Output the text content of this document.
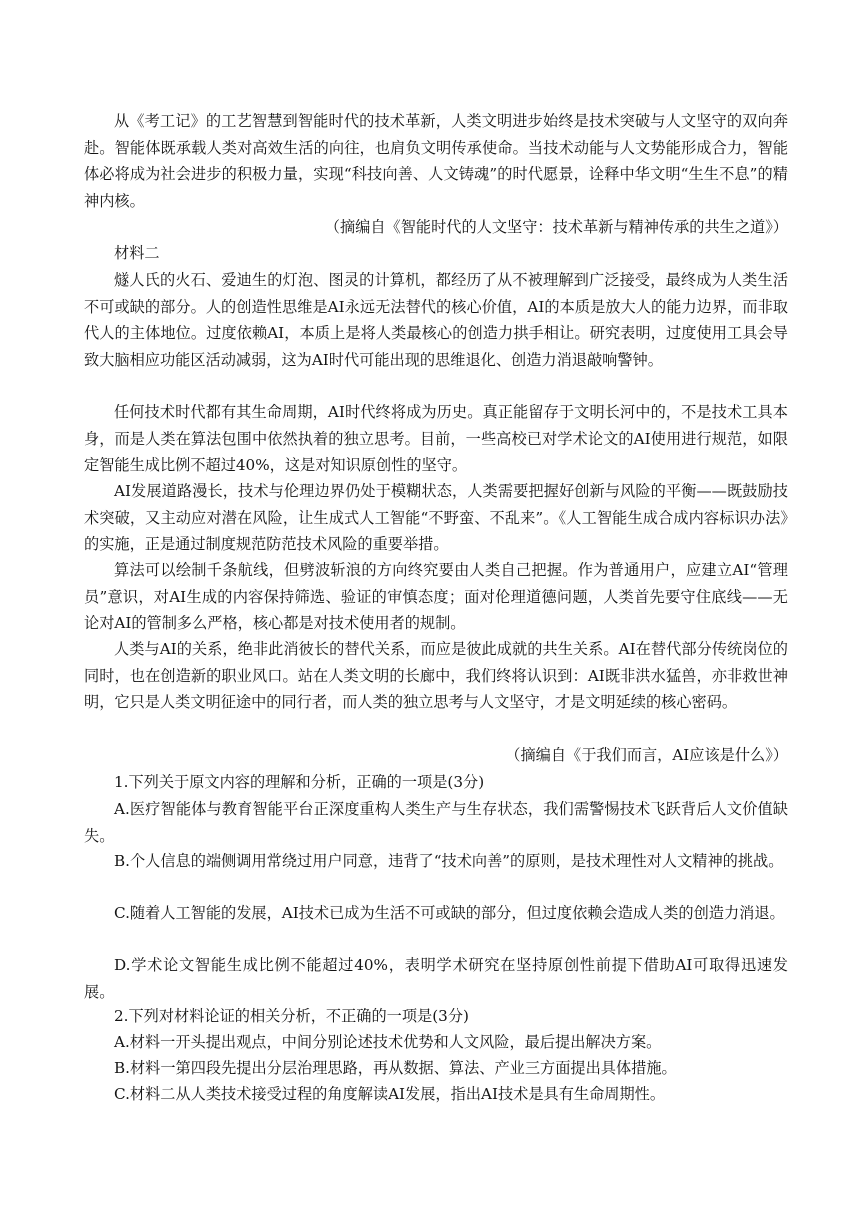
从《考工记》的工艺智慧到智能时代的技术革新，人类文明进步始终是技术突破与人文坚守的双向奔赴。智能体既承载人类对高效生活的向往，也肩负文明传承使命。当技术动能与人文势能形成合力，智能体必将成为社会进步的积极力量，实现“科技向善、人文铸魂”的时代愿景，诠释中华文明“生生不息”的精神内核。

（摘编自《智能时代的人文坚守：技术革新与精神传承的共生之道》）

材料二

燧人氏的火石、爱迪生的灯泡、图灵的计算机，都经历了从不被理解到广泛接受，最终成为人类生活不可或缺的部分。人的创造性思维是AI永远无法替代的核心价值，AI的本质是放大人的能力边界，而非取代人的主体地位。过度依赖AI，本质上是将人类最核心的创造力拱手相让。研究表明，过度使用工具会导致大脑相应功能区活动减弱，这为AI时代可能出现的思维退化、创造力消退敲响警钟。

任何技术时代都有其生命周期，AI时代终将成为历史。真正能留存于文明长河中的，不是技术工具本身，而是人类在算法包围中依然执着的独立思考。目前，一些高校已对学术论文的AI使用进行规范，如限定智能生成比例不超过40%，这是对知识原创性的坚守。

AI发展道路漫长，技术与伦理边界仍处于模糊状态，人类需要把握好创新与风险的平衡——既鼓励技术突破，又主动应对潜在风险，让生成式人工智能“不野蛮、不乱来”。《人工智能生成合成内容标识办法》的实施，正是通过制度规范防范技术风险的重要举措。

算法可以绘制千条航线，但劈波斩浪的方向终究要由人类自己把握。作为普通用户，应建立AI“管理员”意识，对AI生成的内容保持筛选、验证的审慎态度；面对伦理道德问题，人类首先要守住底线——无论对AI的管制多么严格，核心都是对技术使用者的规制。

人类与AI的关系，绝非此消彼长的替代关系，而应是彼此成就的共生关系。AI在替代部分传统岗位的同时，也在创造新的职业风口。站在人类文明的长廊中，我们终将认识到：AI既非洪水猛兽，亦非救世神明，它只是人类文明征途中的同行者，而人类的独立思考与人文坚守，才是文明延续的核心密码。

（摘编自《于我们而言，AI应该是什么》）

1.下列关于原文内容的理解和分析，正确的一项是(3分)

A.医疗智能体与教育智能平台正深度重构人类生产与生存状态，我们需警惕技术飞跃背后人文价值缺失。

B.个人信息的端侧调用常绕过用户同意，违背了“技术向善”的原则，是技术理性对人文精神的挑战。

C.随着人工智能的发展，AI技术已成为生活不可或缺的部分，但过度依赖会造成人类的创造力消退。

D.学术论文智能生成比例不能超过40%，表明学术研究在坚持原创性前提下借助AI可取得迅速发展。

2.下列对材料论证的相关分析，不正确的一项是(3分)

A.材料一开头提出观点，中间分别论述技术优势和人文风险，最后提出解决方案。

B.材料一第四段先提出分层治理思路，再从数据、算法、产业三方面提出具体措施。

C.材料二从人类技术接受过程的角度解读AI发展，指出AI技术是具有生命周期性。
